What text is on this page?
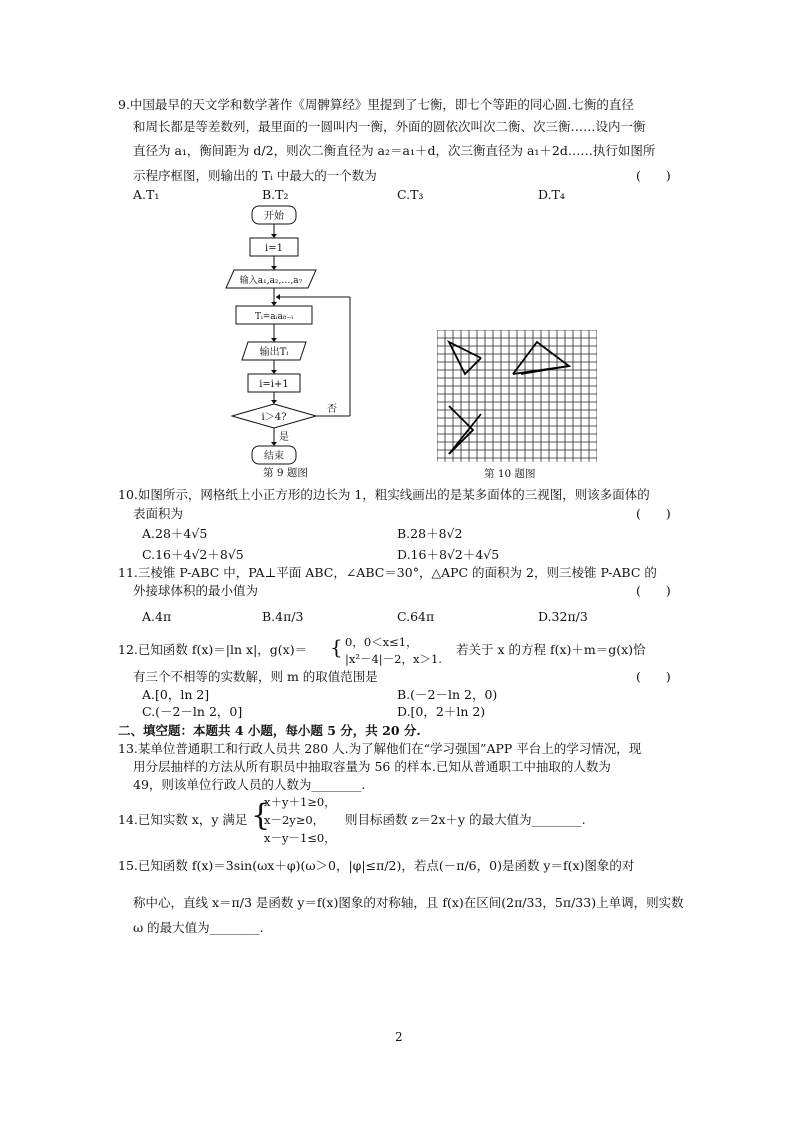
9.中国最早的天文学和数学著作《周髀算经》里提到了七衡，即七个等距的同心圆.七衡的直径
和周长都是等差数列，最里面的一圆叫内一衡，外面的圆依次叫次二衡、次三衡……设内一衡
直径为 a₁，衡间距为 d/2，则次二衡直径为 a₂＝a₁＋d，次三衡直径为 a₁＋2d……执行如图所
示程序框图，则输出的 Tᵢ 中最大的一个数为	(　　)
A.T₁	B.T₂	C.T₃	D.T₄
开始
i=1
输入a₁,a₂,…,a₇
Tᵢ=aᵢa₈₋ᵢ
输出Tᵢ
i=i+1
i＞4?
否
是
结束
第 9 题图	第 10 题图
10.如图所示，网格纸上小正方形的边长为 1，粗实线画出的是某多面体的三视图，则该多面体的
表面积为	(　　)
A.28＋4√5	B.28＋8√2
C.16＋4√2＋8√5	D.16＋8√2＋4√5
11.三棱锥 P-ABC 中，PA⊥平面 ABC，∠ABC＝30°，△APC 的面积为 2，则三棱锥 P-ABC 的
外接球体积的最小值为	(　　)
A.4π	B.4π/3	C.64π	D.32π/3
12.已知函数 f(x)＝|ln x|，g(x)＝ { 0，0＜x≤1，
|x²－4|－2，x＞1.
若关于 x 的方程 f(x)＋m＝g(x)恰
有三个不相等的实数解，则 m 的取值范围是	(　　)
A.[0，ln 2]	B.(－2－ln 2，0)
C.(－2－ln 2，0]	D.[0，2＋ln 2)
二、填空题：本题共 4 小题，每小题 5 分，共 20 分.
13.某单位普通职工和行政人员共 280 人.为了解他们在“学习强国”APP 平台上的学习情况，现
用分层抽样的方法从所有职员中抽取容量为 56 的样本.已知从普通职工中抽取的人数为
49，则该单位行政人员的人数为________.
14.已知实数 x，y 满足 {
x＋y＋1≥0，
x－2y≥0，
x－y－1≤0，
则目标函数 z＝2x＋y 的最大值为________.
15.已知函数 f(x)＝3sin(ωx＋φ)(ω＞0，|φ|≤π/2)，若点(－π/6，0)是函数 y＝f(x)图象的对
称中心，直线 x＝π/3 是函数 y＝f(x)图象的对称轴，且 f(x)在区间(2π/33，5π/33)上单调，则实数
ω 的最大值为________.
2
